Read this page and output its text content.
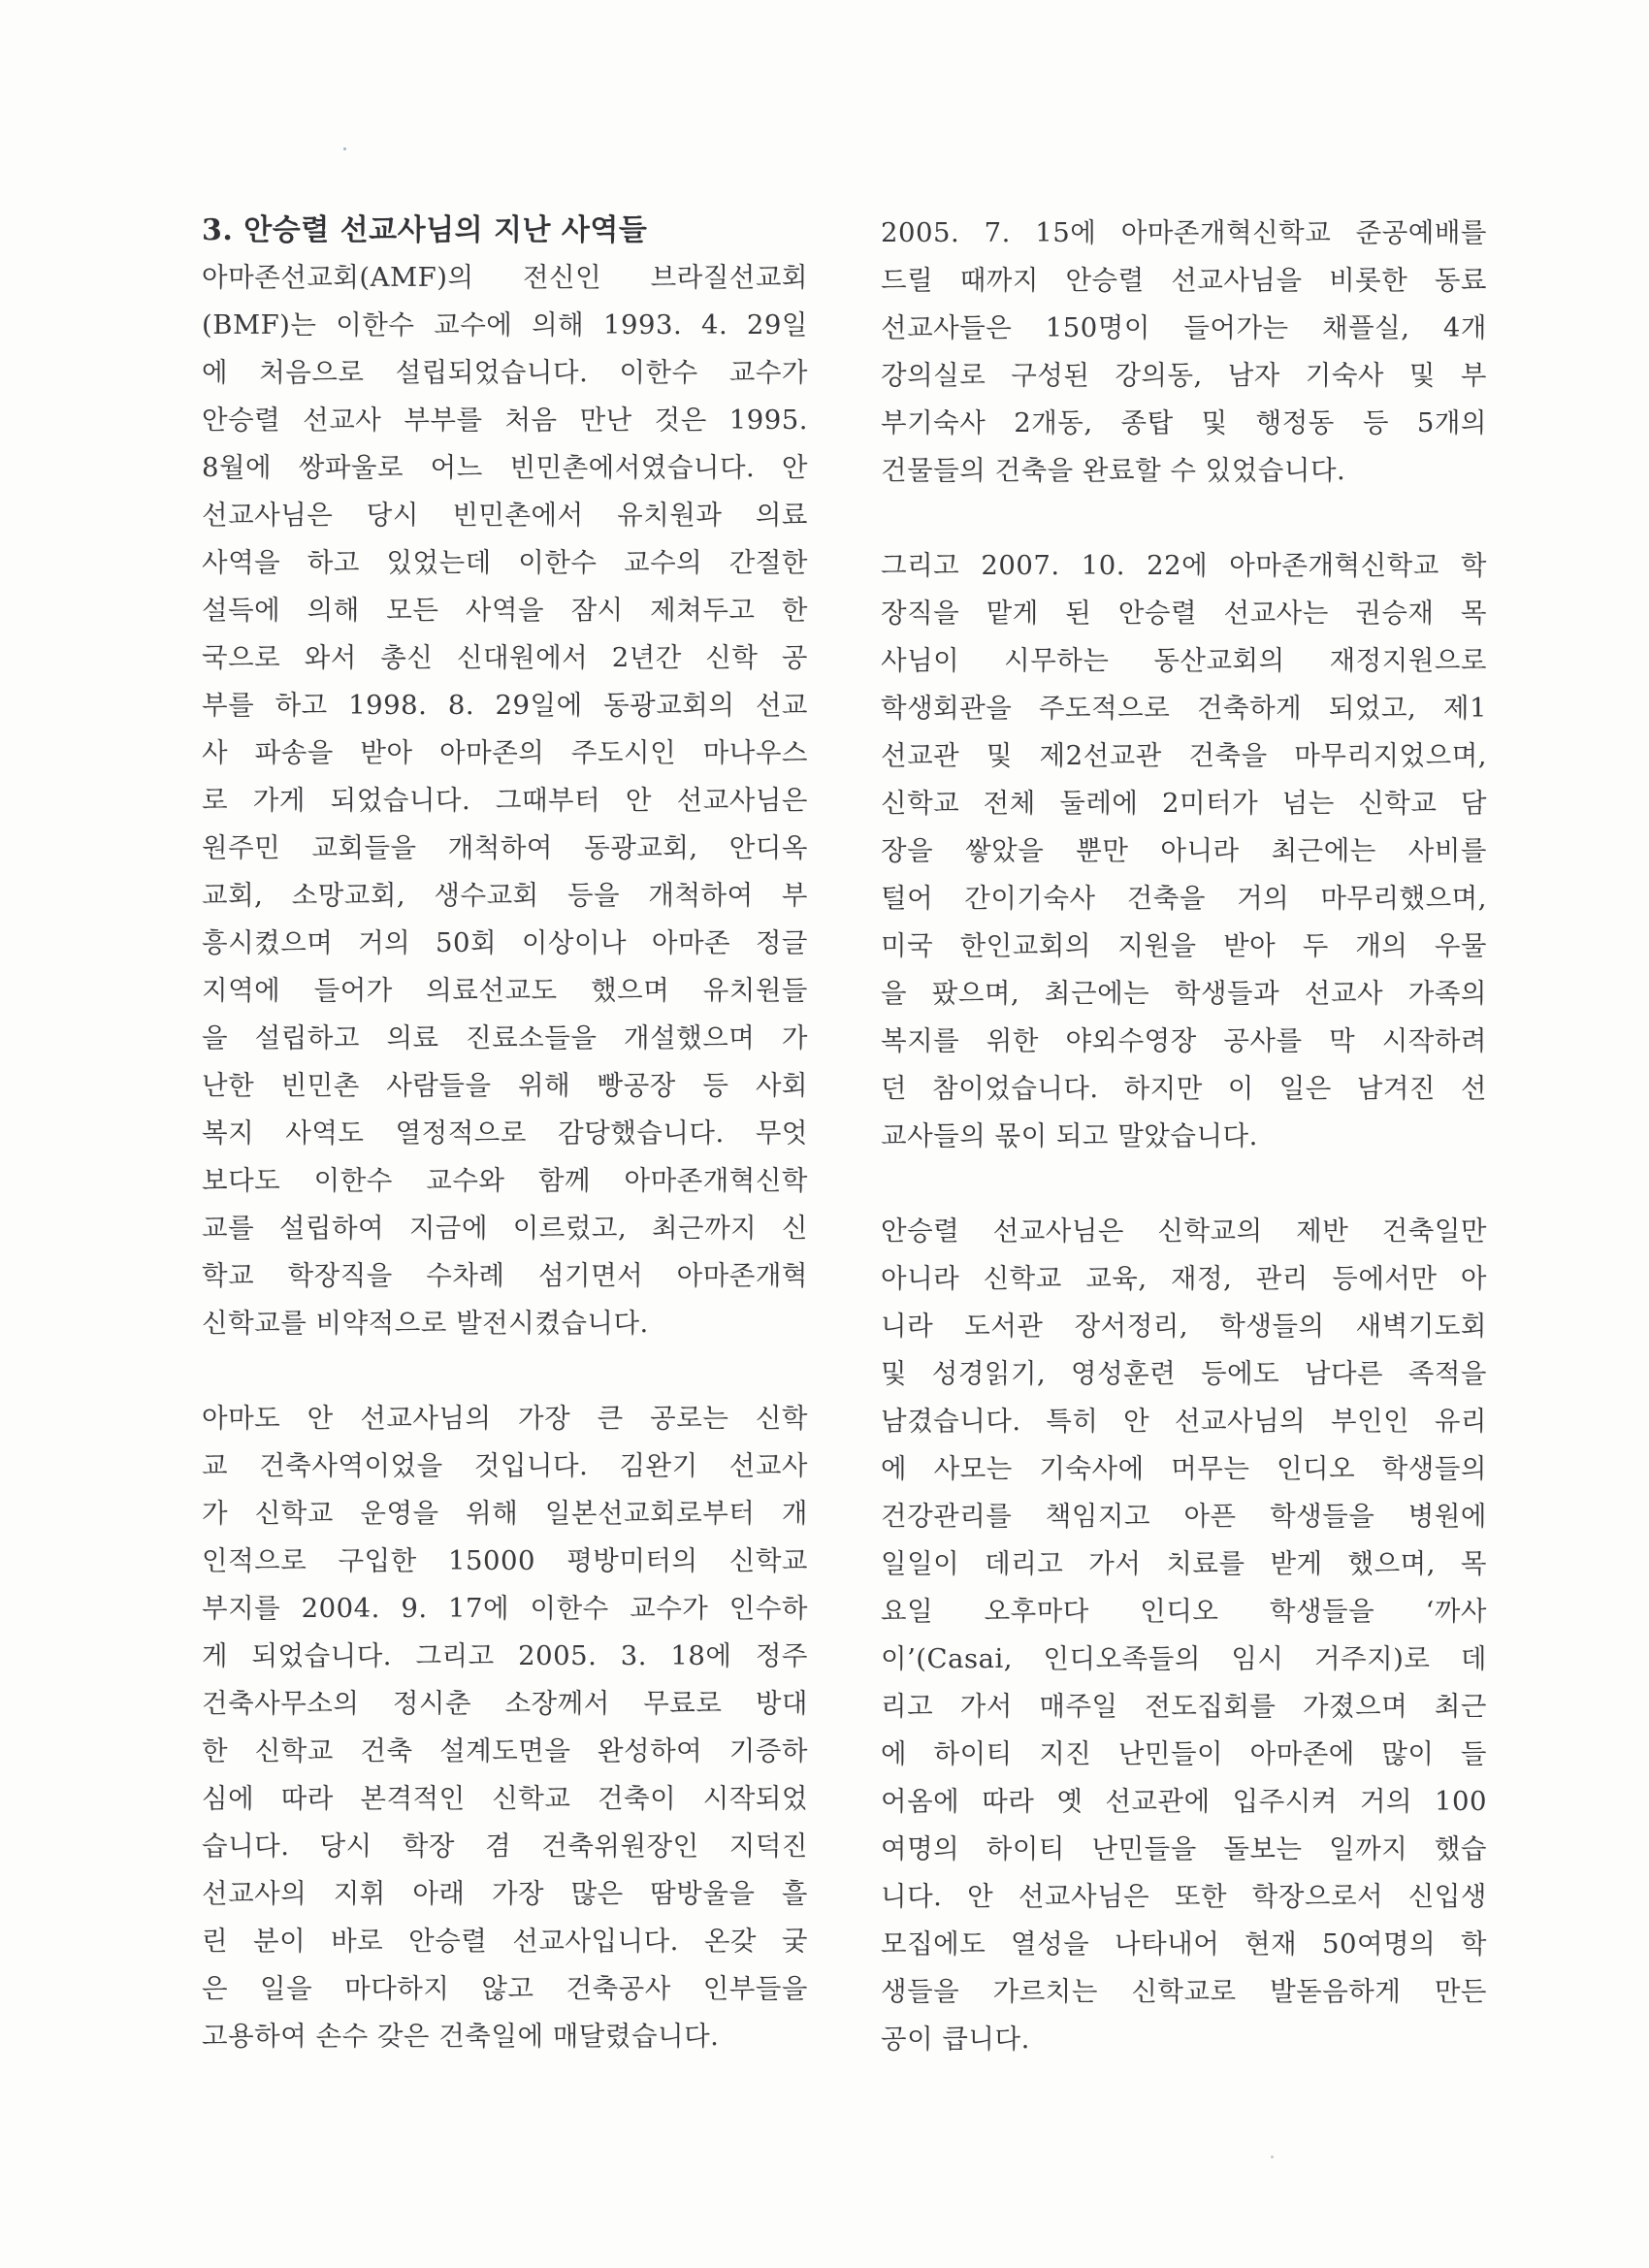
3. 안승렬 선교사님의 지난 사역들
아마존선교회(AMF)의 전신인 브라질선교회
(BMF)는 이한수 교수에 의해 1993. 4. 29일
에 처음으로 설립되었습니다. 이한수 교수가
안승렬 선교사 부부를 처음 만난 것은 1995.
8월에 쌍파울로 어느 빈민촌에서였습니다. 안
선교사님은 당시 빈민촌에서 유치원과 의료
사역을 하고 있었는데 이한수 교수의 간절한
설득에 의해 모든 사역을 잠시 제쳐두고 한
국으로 와서 총신 신대원에서 2년간 신학 공
부를 하고 1998. 8. 29일에 동광교회의 선교
사 파송을 받아 아마존의 주도시인 마나우스
로 가게 되었습니다. 그때부터 안 선교사님은
원주민 교회들을 개척하여 동광교회, 안디옥
교회, 소망교회, 생수교회 등을 개척하여 부
흥시켰으며 거의 50회 이상이나 아마존 정글
지역에 들어가 의료선교도 했으며 유치원들
을 설립하고 의료 진료소들을 개설했으며 가
난한 빈민촌 사람들을 위해 빵공장 등 사회
복지 사역도 열정적으로 감당했습니다. 무엇
보다도 이한수 교수와 함께 아마존개혁신학
교를 설립하여 지금에 이르렀고, 최근까지 신
학교 학장직을 수차례 섬기면서 아마존개혁
신학교를 비약적으로 발전시켰습니다.
아마도 안 선교사님의 가장 큰 공로는 신학
교 건축사역이었을 것입니다. 김완기 선교사
가 신학교 운영을 위해 일본선교회로부터 개
인적으로 구입한 15000 평방미터의 신학교
부지를 2004. 9. 17에 이한수 교수가 인수하
게 되었습니다. 그리고 2005. 3. 18에 정주
건축사무소의 정시춘 소장께서 무료로 방대
한 신학교 건축 설계도면을 완성하여 기증하
심에 따라 본격적인 신학교 건축이 시작되었
습니다. 당시 학장 겸 건축위원장인 지덕진
선교사의 지휘 아래 가장 많은 땀방울을 흘
린 분이 바로 안승렬 선교사입니다. 온갖 궂
은 일을 마다하지 않고 건축공사 인부들을
고용하여 손수 갖은 건축일에 매달렸습니다.
2005. 7. 15에 아마존개혁신학교 준공예배를
드릴 때까지 안승렬 선교사님을 비롯한 동료
선교사들은 150명이 들어가는 채플실, 4개
강의실로 구성된 강의동, 남자 기숙사 및 부
부기숙사 2개동, 종탑 및 행정동 등 5개의
건물들의 건축을 완료할 수 있었습니다.
그리고 2007. 10. 22에 아마존개혁신학교 학
장직을 맡게 된 안승렬 선교사는 권승재 목
사님이 시무하는 동산교회의 재정지원으로
학생회관을 주도적으로 건축하게 되었고, 제1
선교관 및 제2선교관 건축을 마무리지었으며,
신학교 전체 둘레에 2미터가 넘는 신학교 담
장을 쌓았을 뿐만 아니라 최근에는 사비를
털어 간이기숙사 건축을 거의 마무리했으며,
미국 한인교회의 지원을 받아 두 개의 우물
을 팠으며, 최근에는 학생들과 선교사 가족의
복지를 위한 야외수영장 공사를 막 시작하려
던 참이었습니다. 하지만 이 일은 남겨진 선
교사들의 몫이 되고 말았습니다.
안승렬 선교사님은 신학교의 제반 건축일만
아니라 신학교 교육, 재정, 관리 등에서만 아
니라 도서관 장서정리, 학생들의 새벽기도회
및 성경읽기, 영성훈련 등에도 남다른 족적을
남겼습니다. 특히 안 선교사님의 부인인 유리
에 사모는 기숙사에 머무는 인디오 학생들의
건강관리를 책임지고 아픈 학생들을 병원에
일일이 데리고 가서 치료를 받게 했으며, 목
요일 오후마다 인디오 학생들을 ‘까사
이’(Casai, 인디오족들의 임시 거주지)로 데
리고 가서 매주일 전도집회를 가졌으며 최근
에 하이티 지진 난민들이 아마존에 많이 들
어옴에 따라 옛 선교관에 입주시켜 거의 100
여명의 하이티 난민들을 돌보는 일까지 했습
니다. 안 선교사님은 또한 학장으로서 신입생
모집에도 열성을 나타내어 현재 50여명의 학
생들을 가르치는 신학교로 발돋음하게 만든
공이 큽니다.
